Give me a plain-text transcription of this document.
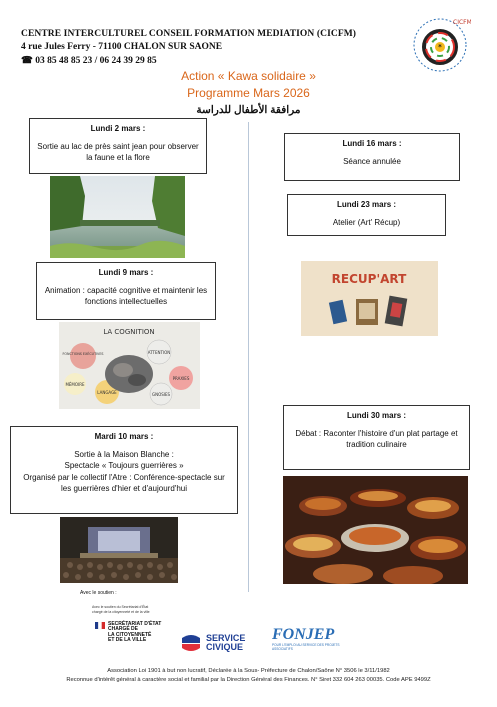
CENTRE INTERCULTUREL CONSEIL FORMATION MEDIATION (CICFM)
4 rue Jules Ferry - 71100 CHALON SUR SAONE
☎ 03 85 48 85 23 / 06 24 39 29 85
*
CICFM
Action « Kawa solidaire »
Programme Mars 2026
مرافقة الأطفال للدراسة
Lundi 2 mars :
Sortie au lac de près saint jean pour observer la faune et la flore
Lundi 9 mars :
Animation : capacité cognitive et maintenir les fonctions intellectuelles
LA COGNITION
FONCTIONS EXÉCUTIVES	ATTENTION
MÉMOIRE
PRAXIES
LANGAGE	GNOSIES
Mardi 10 mars :
Sortie à la Maison Blanche :
Spectacle « Toujours guerrières »
Organisé par le collectif l'Atre : Conférence-spectacle sur les guerrières d'hier et d'aujourd'hui
Lundi 16 mars :
Séance annulée
Lundi 23 mars :
Atelier (Art' Récup)
RECUP'ART
Lundi 30 mars :
Débat : Raconter l'histoire d'un plat partage et tradition culinaire
Avec le soutien :
Avec le soutien du Secrétariat d'État chargé de la citoyenneté et de la ville
SECRÉTARIAT D'ÉTAT
CHARGÉ DE
LA CITOYENNETÉ
ET DE LA VILLE	SERVICE
CIVIQUE
FONJEP
POUR L'EMPLOI AU SERVICE DES PROJETS ASSOCIATIFS
Association Loi 1901 à but non lucratif, Déclarée à la Sous- Préfecture de Chalon/Saône N° 3506 le 3/11/1982
Reconnue d'intérêt général à caractère social et familial par la Direction Général des Finances. N° Siret 332 604 263 00035. Code APE 9499Z
